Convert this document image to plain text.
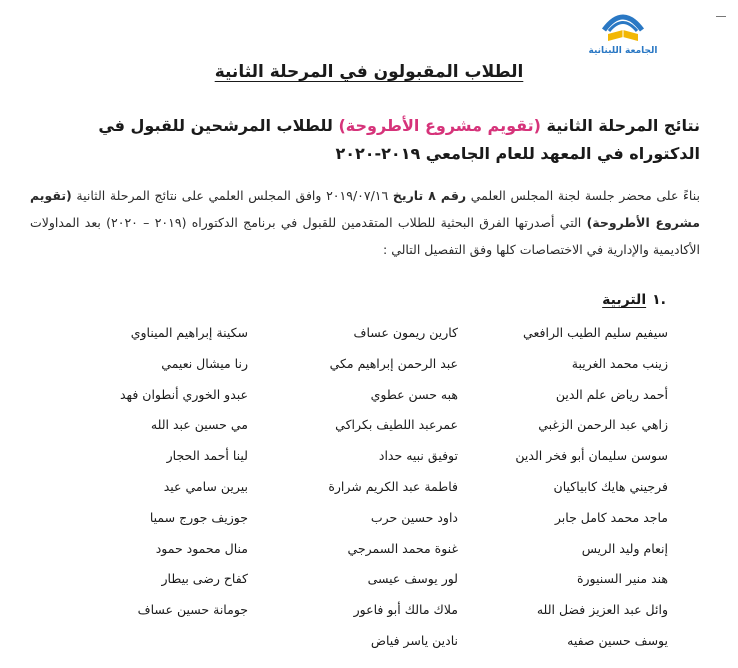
الجامعة اللبنانية
الطلاب المقبولون في المرحلة الثانية
نتائج المرحلة الثانية (تقويم مشروع الأطروحة) للطلاب المرشحين للقبول في الدكتوراه في المعهد للعام الجامعي ٢٠١٩-٢٠٢٠

بناءً على محضر جلسة لجنة المجلس العلمي رقم ٨ تاريخ ٢٠١٩/٠٧/١٦ وافق المجلس العلمي على نتائج المرحلة الثانية (تقويم مشروع الأطروحة) التي أصدرتها الفرق البحثية للطلاب المتقدمين للقبول في برنامج الدكتوراه (٢٠١٩ – ٢٠٢٠) بعد المداولات الأكاديمية والإدارية في الاختصاصات كلها وفق التفصيل التالي :

.١التربية
سيفيم سليم الطيب الرافعي
زينب محمد الغريبة
أحمد رياض علم الدين
زاهي عبد الرحمن الزغبي
سوسن سليمان أبو فخر الدين
فرجيني هايك كابياكيان
ماجد محمد كامل جابر
إنعام وليد الريس
هند منير السنيورة
وائل عبد العزيز فضل الله
يوسف حسين صفيه
كارين ريمون عساف
عبد الرحمن إبراهيم مكي
هبه حسن عطوي
عمرعبد اللطيف بكراكي
توفيق نبيه حداد
فاطمة عبد الكريم شرارة
داود حسين حرب
غنوة محمد السمرجي
لور يوسف عيسى
ملاك مالك أبو فاعور
نادين ياسر فياض
سكينة إبراهيم الميناوي
رنا ميشال نعيمي
عبدو الخوري أنطوان فهد
مي حسين عبد الله
لينا أحمد الحجار
بيرين سامي عيد
جوزيف جورج سميا
منال محمود حمود
كفاح رضى بيطار
جومانة حسين عساف
